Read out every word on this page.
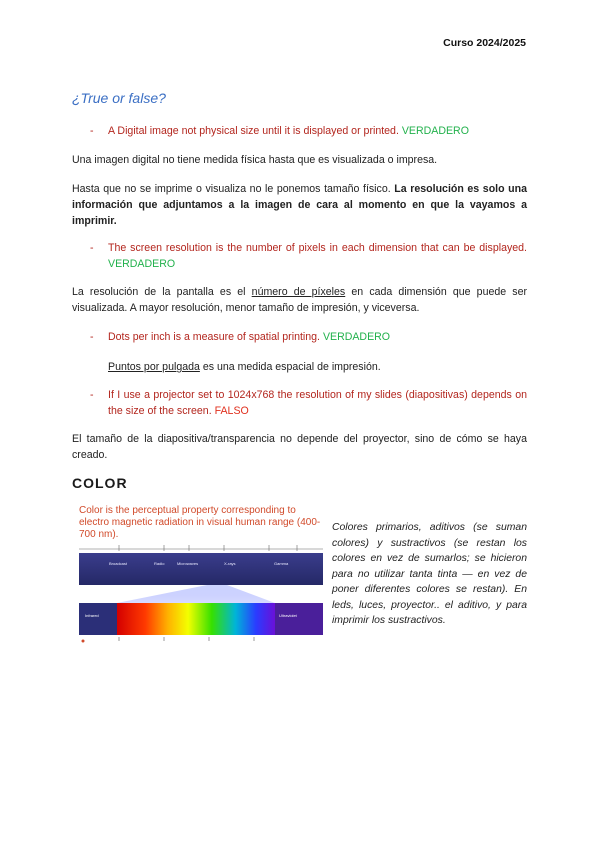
Curso 2024/2025
¿True or false?
- A Digital image not physical size until it is displayed or printed. VERDADERO
Una imagen digital no tiene medida física hasta que es visualizada o impresa.
Hasta que no se imprime o visualiza no le ponemos tamaño físico. La resolución es solo una información que adjuntamos a la imagen de cara al momento en que la vayamos a imprimir.
- The screen resolution is the number of pixels in each dimension that can be displayed. VERDADERO
La resolución de la pantalla es el número de píxeles en cada dimensión que puede ser visualizada. A mayor resolución, menor tamaño de impresión, y viceversa.
- Dots per inch is a measure of spatial printing. VERDADERO
Puntos por pulgada es una medida espacial de impresión.
- If I use a projector set to 1024x768 the resolution of my slides (diapositivas) depends on the size of the screen. FALSO
El tamaño de la diapositiva/transparencia no depende del proyector, sino de cómo se haya creado.
COLOR
Color is the perceptual property corresponding to electro magnetic radiation in visual human range (400-700 nm).
Broadcast	Radio	Microwaves	X-rays	Gamma
Infrared	Ultraviolet
Colores primarios, aditivos (se suman colores) y sustractivos (se restan los colores en vez de sumarlos; se hicieron para no utilizar tanta tinta — en vez de poner diferentes colores se restan). En leds, luces, proyector.. el aditivo, y para imprimir los sustractivos.
